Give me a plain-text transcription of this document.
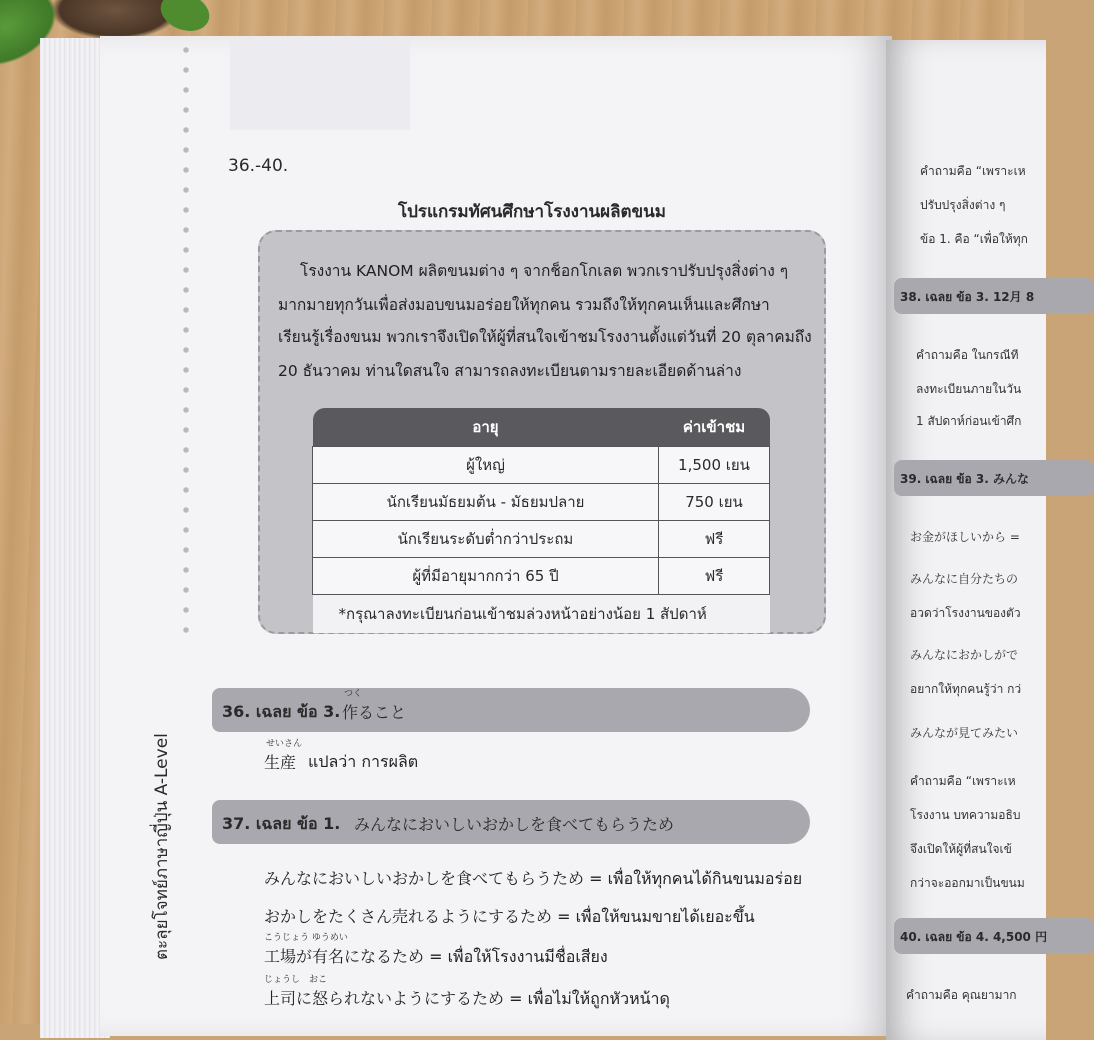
ตะลุยโจทย์ภาษาญี่ปุ่น A-Level
36.-40.
โปรแกรมทัศนศึกษาโรงงานผลิตขนม
โรงงาน KANOM ผลิตขนมต่าง ๆ จากช็อกโกเลต พวกเราปรับปรุงสิ่งต่าง ๆ
มากมายทุกวันเพื่อส่งมอบขนมอร่อยให้ทุกคน รวมถึงให้ทุกคนเห็นและศึกษา
เรียนรู้เรื่องขนม พวกเราจึงเปิดให้ผู้ที่สนใจเข้าชมโรงงานตั้งแต่วันที่ 20 ตุลาคมถึง
20 ธันวาคม ท่านใดสนใจ สามารถลงทะเบียนตามรายละเอียดด้านล่าง
อายุ	ค่าเข้าชม
ผู้ใหญ่	1,500 เยน
นักเรียนมัธยมต้น - มัธยมปลาย	750 เยน
นักเรียนระดับต่ำกว่าประถม	ฟรี
ผู้ที่มีอายุมากกว่า 65 ปี	ฟรี
*กรุณาลงทะเบียนก่อนเข้าชมล่วงหน้าอย่างน้อย 1 สัปดาห์	
36. เฉลย ข้อ 3.
つく
作ること
せいさん
生産 แปลว่า การผลิต
37. เฉลย ข้อ 1. みんなにおいしいおかしを食べてもらうため
みんなにおいしいおかしを食べてもらうため = เพื่อให้ทุกคนได้กินขนมอร่อย
おかしをたくさん売れるようにするため = เพื่อให้ขนมขายได้เยอะขึ้น
こうじょう ゆうめい
工場が有名になるため = เพื่อให้โรงงานมีชื่อเสียง
じょうし　おこ
上司に怒られないようにするため = เพื่อไม่ให้ถูกหัวหน้าดุ
คำถามคือ “เพราะเห
ปรับปรุงสิ่งต่าง ๆ
ข้อ 1. คือ “เพื่อให้ทุก
38. เฉลย ข้อ 3. 12月 8
คำถามคือ ในกรณีที
ลงทะเบียนภายในวัน
1 สัปดาห์ก่อนเข้าศึก
39. เฉลย ข้อ 3. みんな
お金がほしいから =
みんなに自分たちの
อวดว่าโรงงานของตัว
みんなにおかしがで
อยากให้ทุกคนรู้ว่า กว่
みんなが見てみたい
คำถามคือ “เพราะเห
โรงงาน บทความอธิบ
จึงเปิดให้ผู้ที่สนใจเข้
กว่าจะออกมาเป็นขนม
40. เฉลย ข้อ 4. 4,500 円
คำถามคือ คุณยามาก
